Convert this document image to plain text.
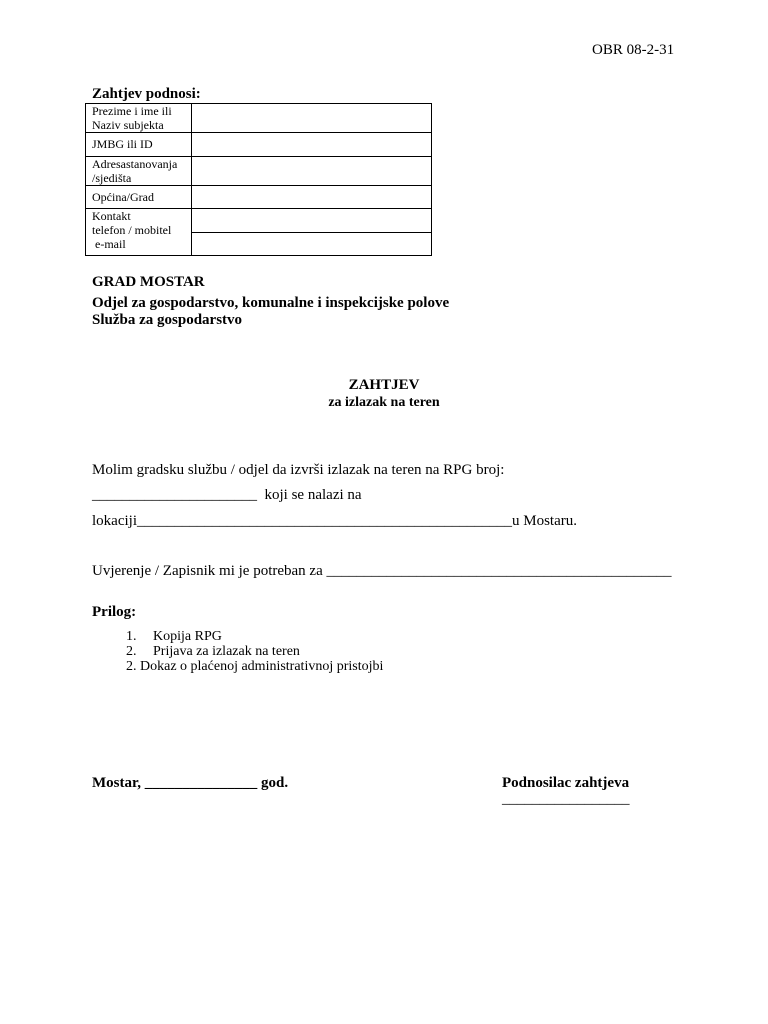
OBR 08-2-31
Zahtjev podnosi:
Prezime i ime ili
Naziv subjekta	

JMBG ili ID	

Adresastanovanja
/sjedišta	

Općina/Grad	

Kontakt
telefon / mobitel
e-mail	

GRAD MOSTAR
Odjel za gospodarstvo, komunalne i inspekcijske polove
Služba za gospodarstvo
ZAHTJEV
za izlazak na teren
Molim gradsku službu / odjel da izvrši izlazak na teren na RPG broj:
______________________  koji se nalazi na
lokaciji__________________________________________________u Mostaru.
Uvjerenje / Zapisnik mi je potreban za ______________________________________________
Prilog:
1. Kopija RPG
2. Prijava za izlazak na teren
2. Dokaz o plaćenoj administrativnoj pristojbi
Mostar, _______________ god.	Podnosilac zahtjeva
_________________
